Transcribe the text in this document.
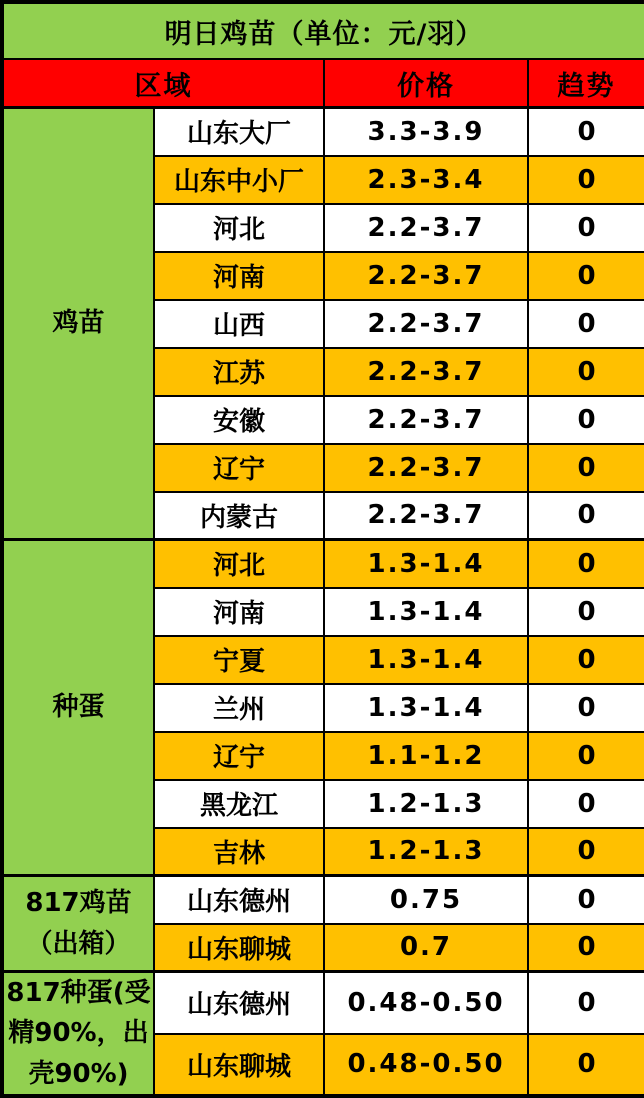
明日鸡苗（单位：元/羽）			
区域		价格	趋势
鸡苗	山东大厂	3.3-3.9	0
	山东中小厂	2.3-3.4	0
	河北	2.2-3.7	0
	河南	2.2-3.7	0
	山西	2.2-3.7	0
	江苏	2.2-3.7	0
	安徽	2.2-3.7	0
	辽宁	2.2-3.7	0
	内蒙古	2.2-3.7	0
种蛋	河北	1.3-1.4	0
	河南	1.3-1.4	0
	宁夏	1.3-1.4	0
	兰州	1.3-1.4	0
	辽宁	1.1-1.2	0
	黑龙江	1.2-1.3	0
	吉林	1.2-1.3	0
817鸡苗（出箱）	山东德州	0.75	0
	山东聊城	0.7	0
817种蛋(受精90%，出壳90%)	山东德州	0.48-0.50	0
	山东聊城	0.48-0.50	0
